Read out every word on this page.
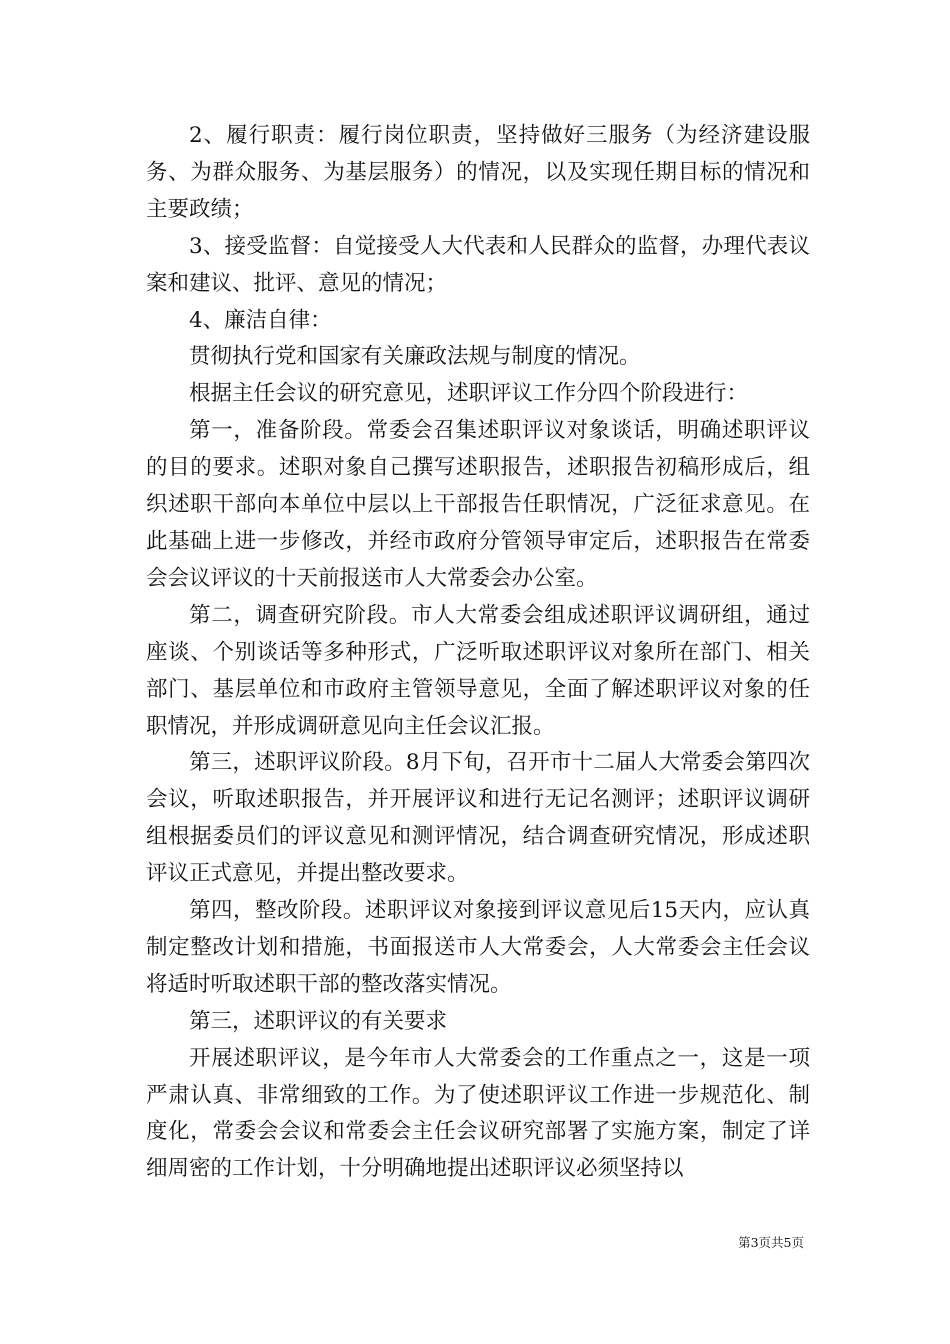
2、履行职责：履行岗位职责，坚持做好三服务（为经济建设服务、为群众服务、为基层服务）的情况，以及实现任期目标的情况和主要政绩；

3、接受监督：自觉接受人大代表和人民群众的监督，办理代表议案和建议、批评、意见的情况；

4、廉洁自律：

贯彻执行党和国家有关廉政法规与制度的情况。

根据主任会议的研究意见，述职评议工作分四个阶段进行：

第一，准备阶段。常委会召集述职评议对象谈话，明确述职评议的目的要求。述职对象自己撰写述职报告，述职报告初稿形成后，组织述职干部向本单位中层以上干部报告任职情况，广泛征求意见。在此基础上进一步修改，并经市政府分管领导审定后，述职报告在常委会会议评议的十天前报送市人大常委会办公室。

第二，调查研究阶段。市人大常委会组成述职评议调研组，通过座谈、个别谈话等多种形式，广泛听取述职评议对象所在部门、相关部门、基层单位和市政府主管领导意见，全面了解述职评议对象的任职情况，并形成调研意见向主任会议汇报。

第三，述职评议阶段。8月下旬，召开市十二届人大常委会第四次会议，听取述职报告，并开展评议和进行无记名测评；述职评议调研组根据委员们的评议意见和测评情况，结合调查研究情况，形成述职评议正式意见，并提出整改要求。

第四，整改阶段。述职评议对象接到评议意见后15天内，应认真制定整改计划和措施，书面报送市人大常委会，人大常委会主任会议将适时听取述职干部的整改落实情况。

第三，述职评议的有关要求

开展述职评议，是今年市人大常委会的工作重点之一，这是一项严肃认真、非常细致的工作。为了使述职评议工作进一步规范化、制度化，常委会会议和常委会主任会议研究部署了实施方案，制定了详细周密的工作计划，十分明确地提出述职评议必须坚持以

第3页共5页
